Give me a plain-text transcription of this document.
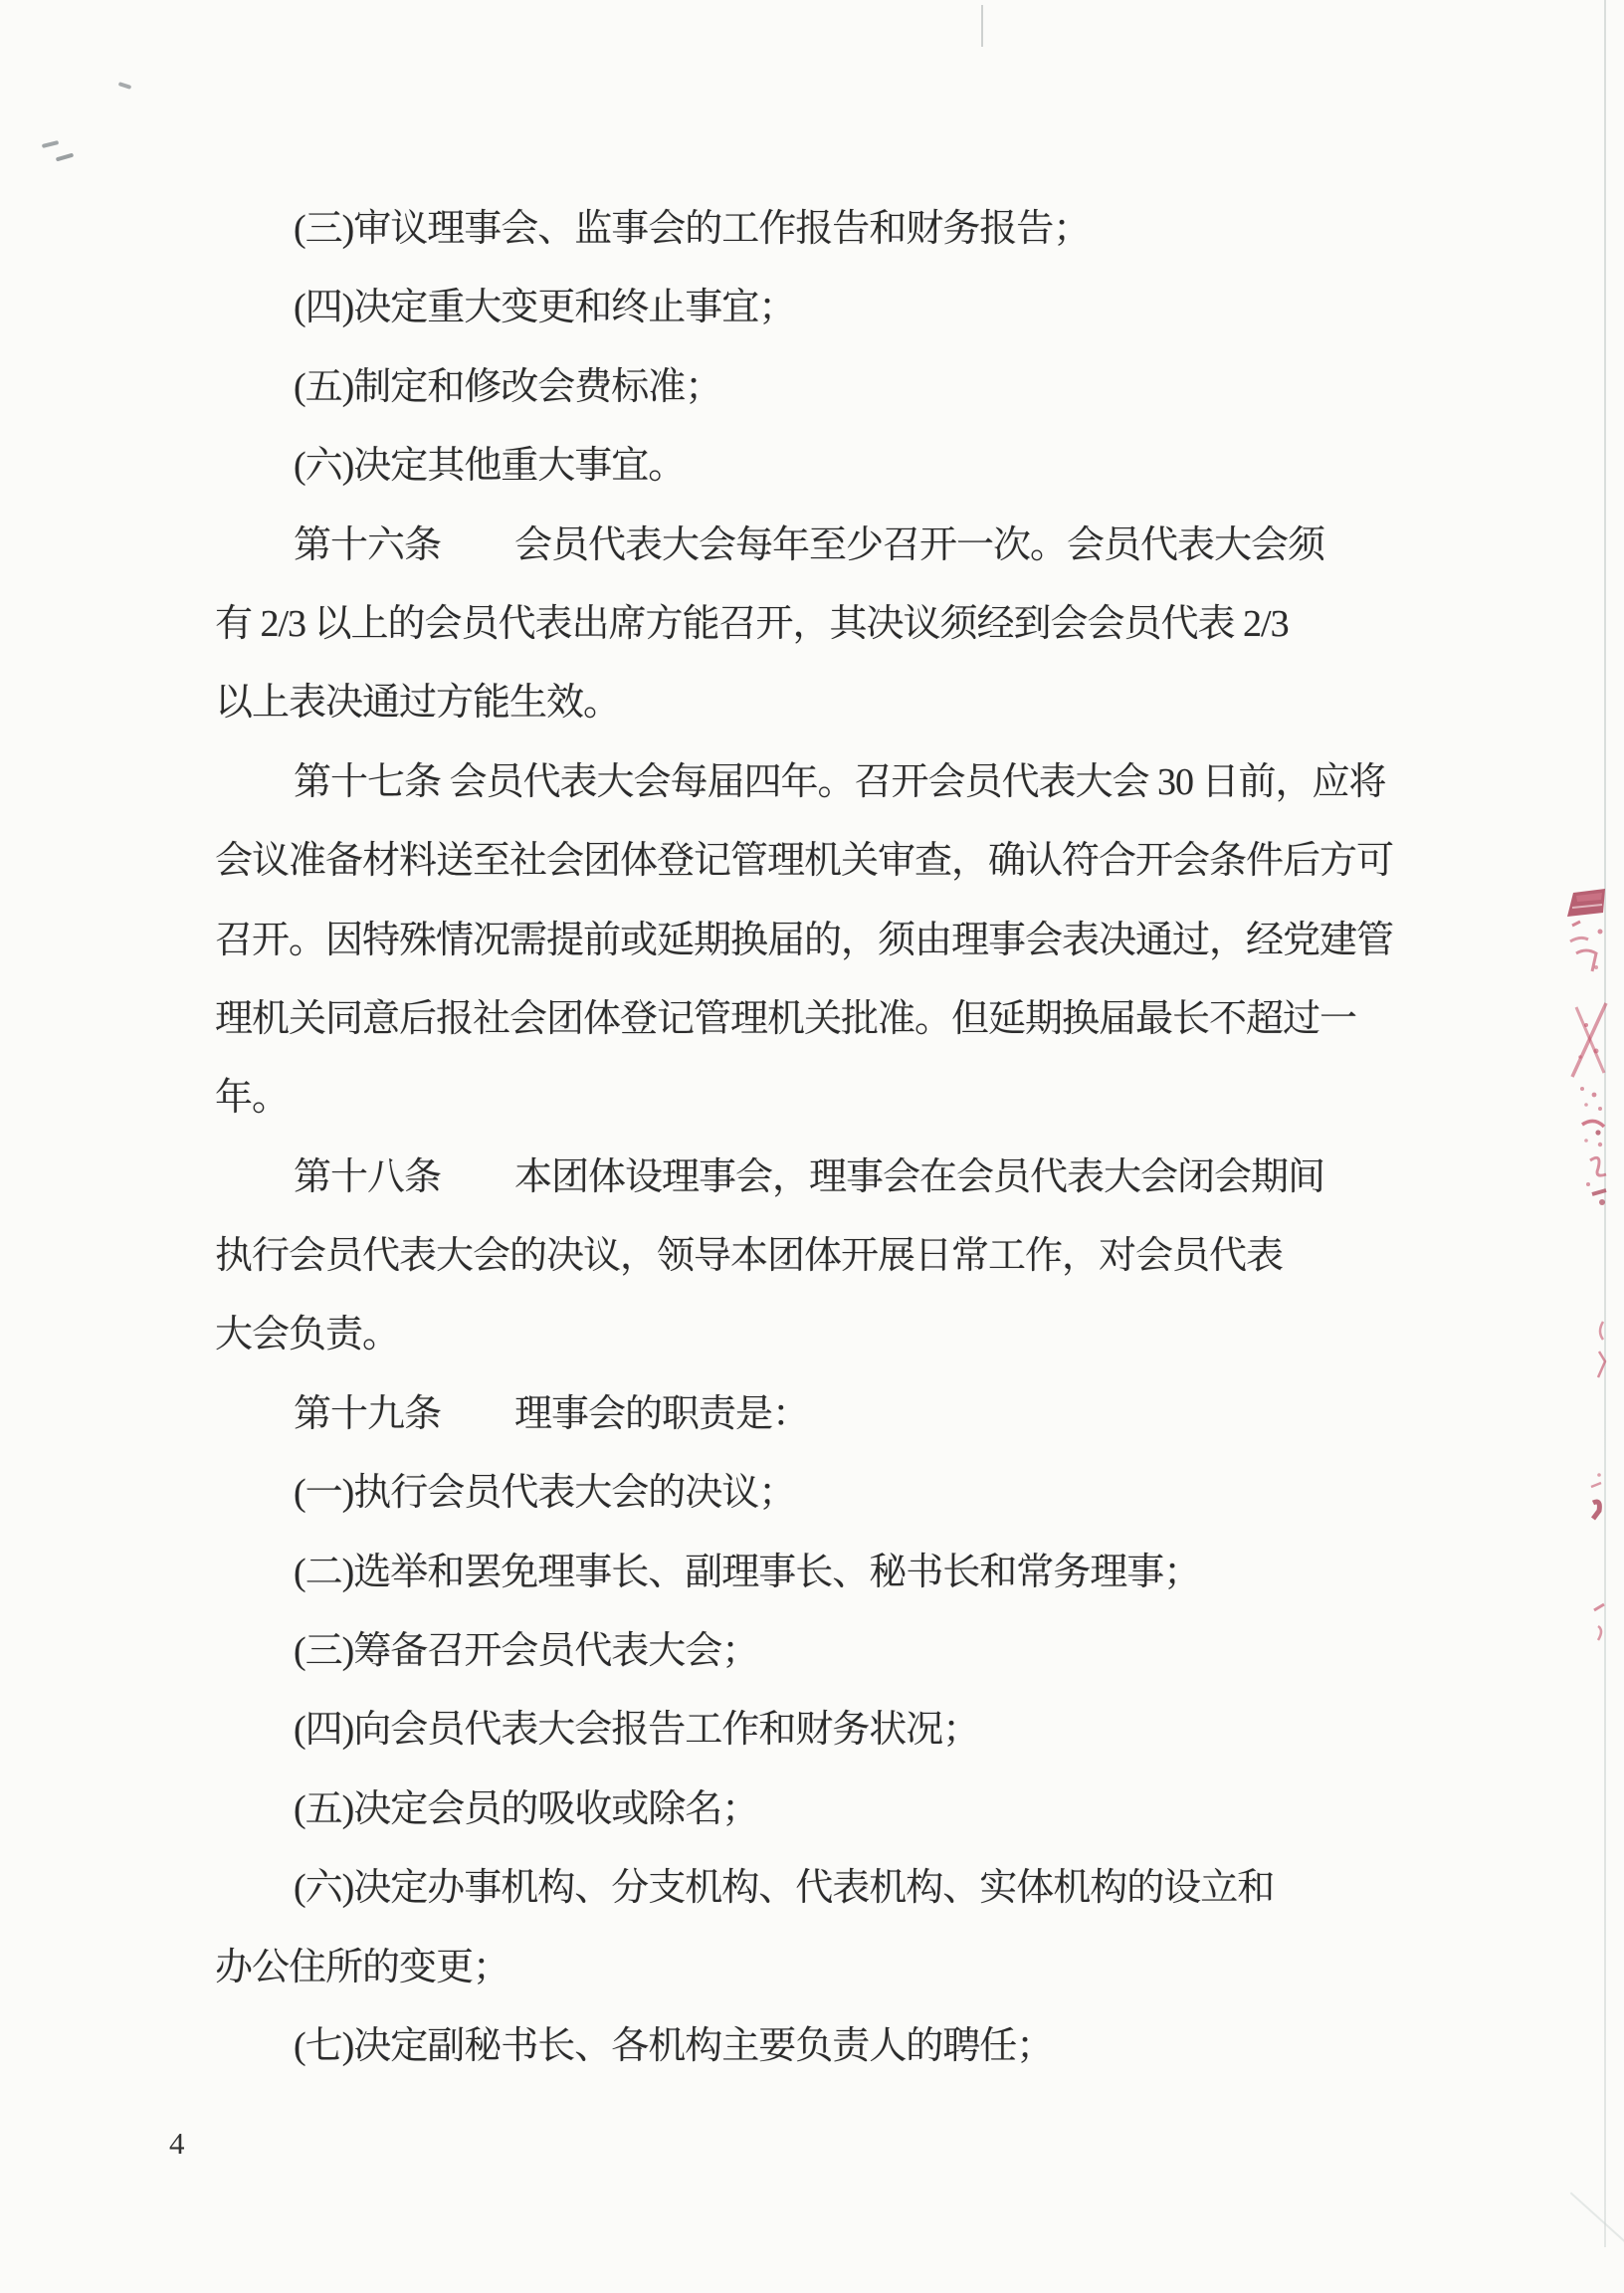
(三)审议理事会、监事会的工作报告和财务报告；
(四)决定重大变更和终止事宜；
(五)制定和修改会费标准；
(六)决定其他重大事宜。
第十六条　　会员代表大会每年至少召开一次。会员代表大会须
有 2/3 以上的会员代表出席方能召开，其决议须经到会会员代表 2/3
以上表决通过方能生效。
第十七条 会员代表大会每届四年。召开会员代表大会 30 日前，应将
会议准备材料送至社会团体登记管理机关审查，确认符合开会条件后方可
召开。因特殊情况需提前或延期换届的，须由理事会表决通过，经党建管
理机关同意后报社会团体登记管理机关批准。但延期换届最长不超过一
年。
第十八条　　本团体设理事会，理事会在会员代表大会闭会期间
执行会员代表大会的决议，领导本团体开展日常工作，对会员代表
大会负责。
第十九条　　理事会的职责是：
(一)执行会员代表大会的决议；
(二)选举和罢免理事长、副理事长、秘书长和常务理事；
(三)筹备召开会员代表大会；
(四)向会员代表大会报告工作和财务状况；
(五)决定会员的吸收或除名；
(六)决定办事机构、分支机构、代表机构、实体机构的设立和
办公住所的变更；
(七)决定副秘书长、各机构主要负责人的聘任；
4
